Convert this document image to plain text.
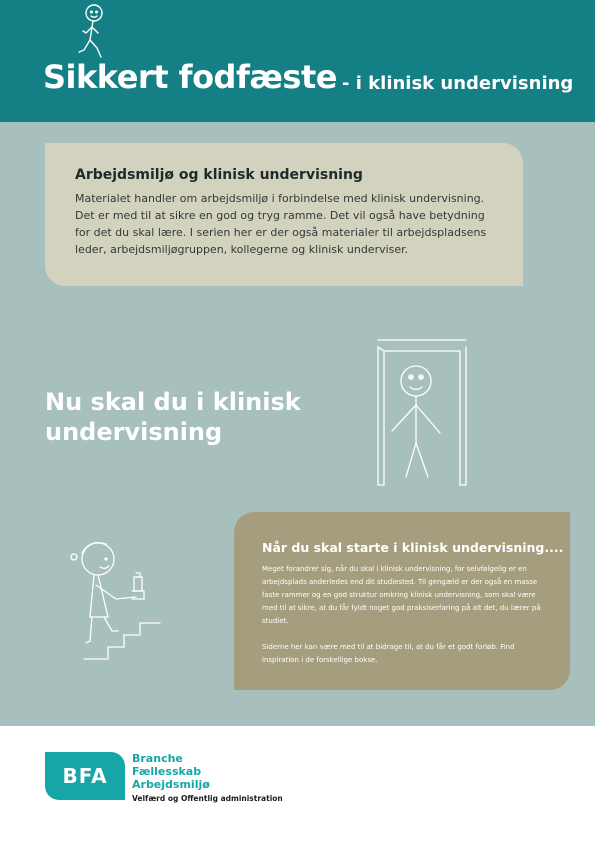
Sikkert fodfæste - i klinisk undervisning
Arbejdsmiljø og klinisk undervisning

Materialet handler om arbejdsmiljø i forbindelse med klinisk undervisning. Det er med til at sikre en god og tryg ramme. Det vil også have betydning for det du skal lære. I serien her er der også materialer til arbejdspladsens leder, arbejdsmiljøgruppen, kollegerne og klinisk underviser.

Nu skal du i klinisk undervisning
Når du skal starte i klinisk undervisning....

Meget forandrer sig, når du skal i klinisk undervisning, for selvfølgelig er en arbejdsplads anderledes end dit studiested. Til gengæld er der også en masse faste rammer og en god struktur omkring klinisk undervisning, som skal være med til at sikre, at du får fyldt noget god praksiserfaring på alt det, du lærer på studiet.

Siderne her kan være med til at bidrage til, at du får et godt forløb. Find inspiration i de forskellige bokse.

BFA
Branche
Fællesskab
Arbejdsmiljø
Velfærd og Offentlig administration
